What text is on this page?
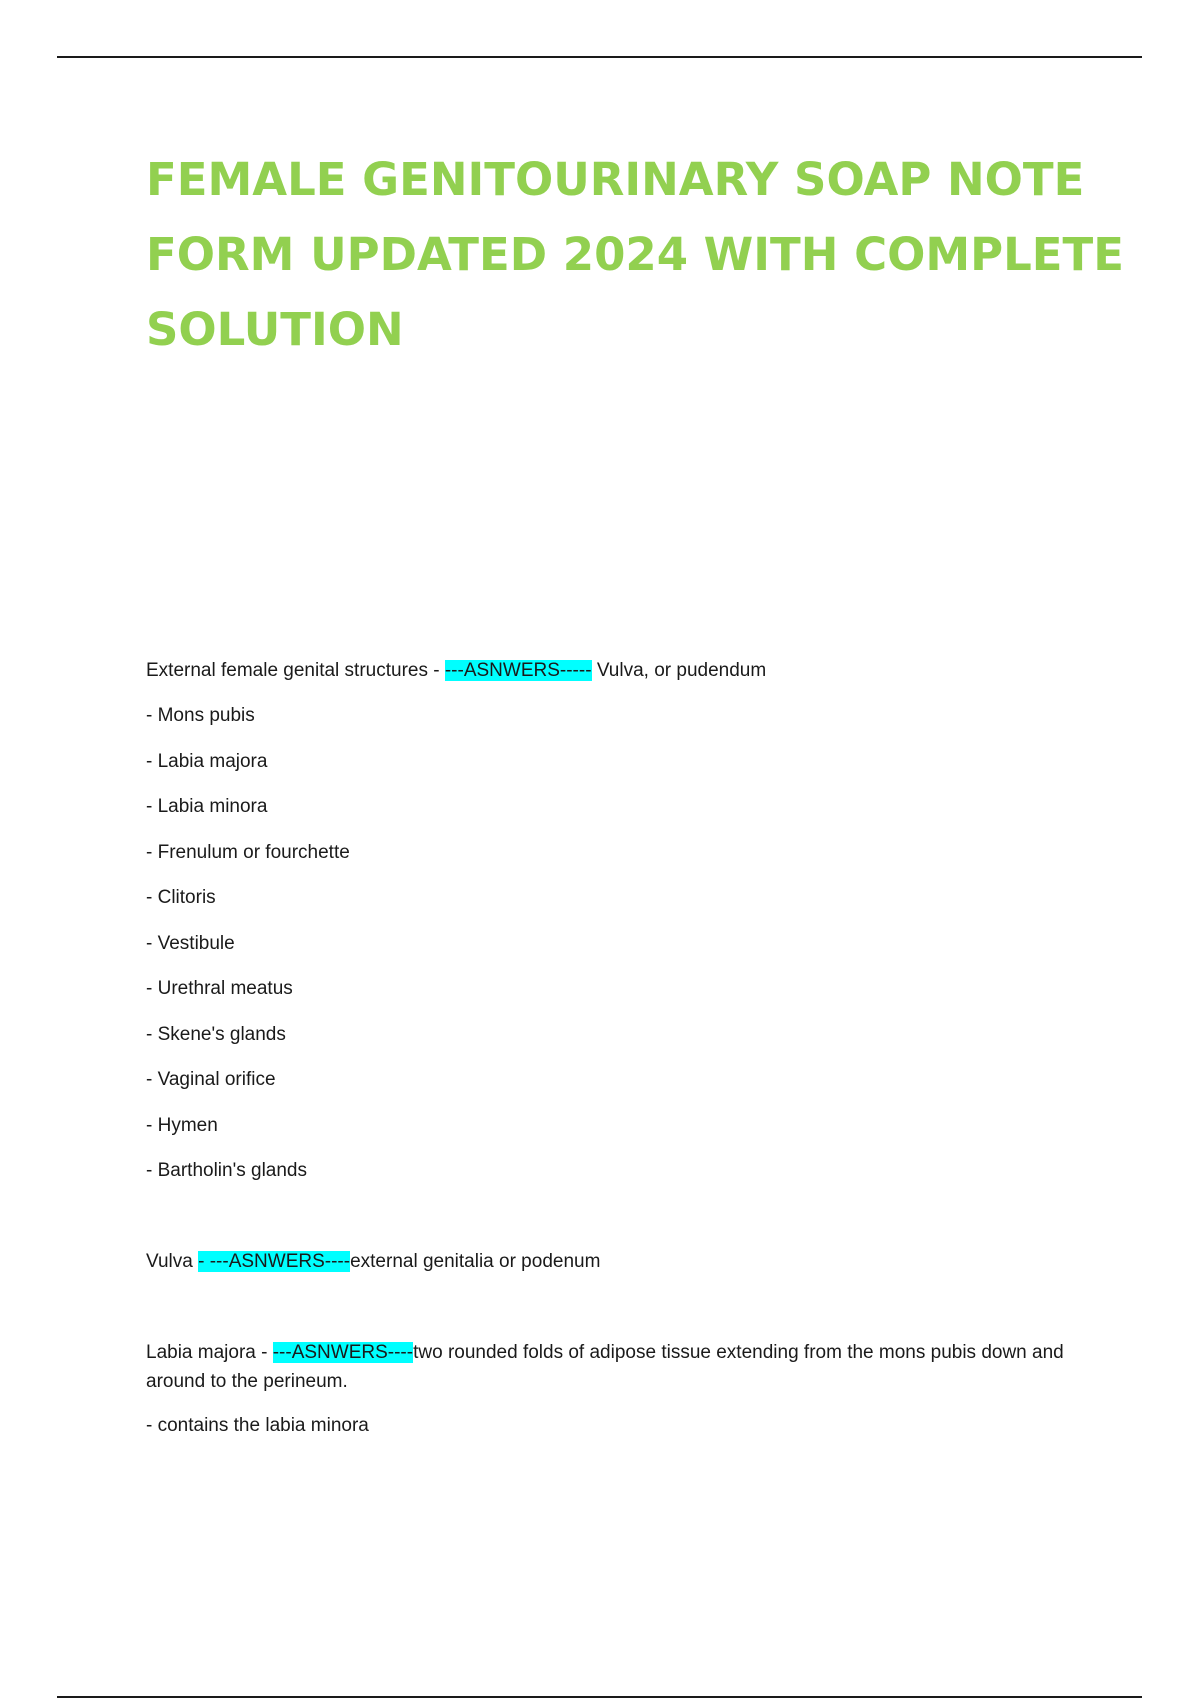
FEMALE GENITOURINARY SOAP NOTE FORM UPDATED 2024 WITH COMPLETE SOLUTION
External female genital structures - ---ASNWERS----- Vulva, or pudendum
- Mons pubis
- Labia majora
- Labia minora
- Frenulum or fourchette
- Clitoris
- Vestibule
- Urethral meatus
- Skene's glands
- Vaginal orifice
- Hymen
- Bartholin's glands
Vulva - ---ASNWERS----external genitalia or podenum
Labia majora - ---ASNWERS----two rounded folds of adipose tissue extending from the mons pubis down and around to the perineum.
- contains the labia minora
